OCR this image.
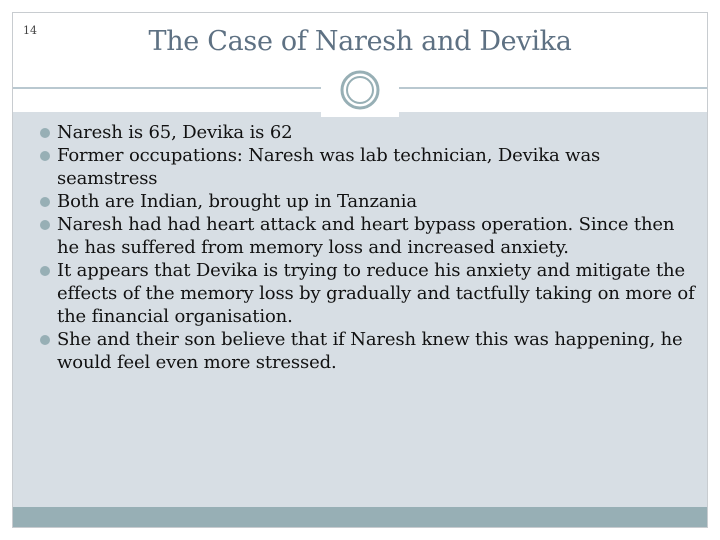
14	The Case of Naresh and Devika
Naresh is 65, Devika is 62
Former occupations: Naresh was lab technician, Devika was seamstress
Both are Indian, brought up in Tanzania
Naresh had had heart attack and heart bypass operation. Since then he has suffered from memory loss and increased anxiety.
It appears that Devika is trying to reduce his anxiety and mitigate the effects of the memory loss by gradually and tactfully taking on more of the financial organisation.
She and their son believe that if Naresh knew this was happening, he would feel even more stressed.
